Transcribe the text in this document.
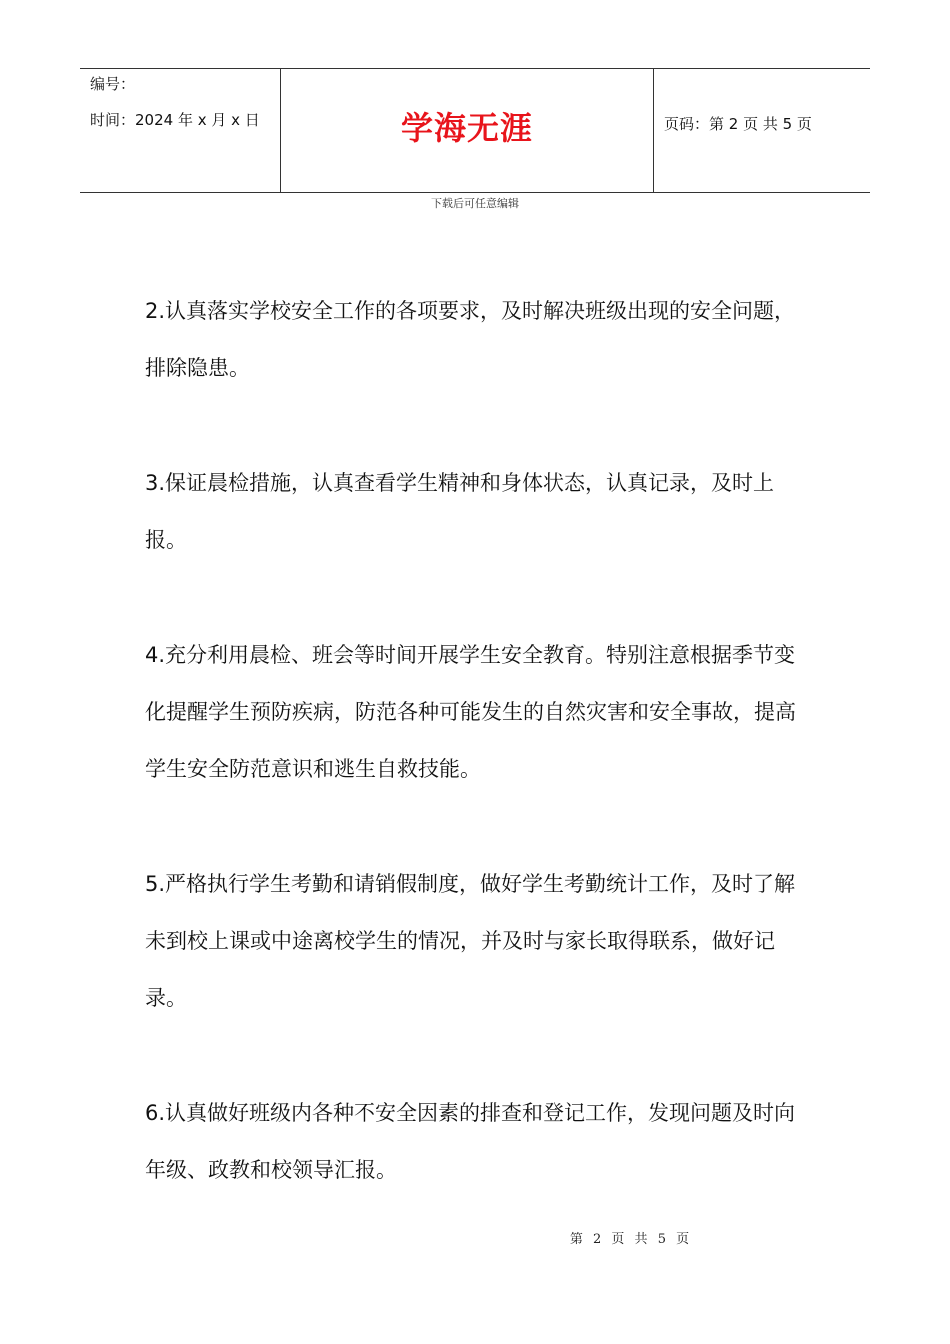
编号：
时间：2024 年 x 月 x 日	学海无涯	页码：第 2 页 共 5 页
下载后可任意编辑

2.认真落实学校安全工作的各项要求，及时解决班级出现的安全问题，排除隐患。

3.保证晨检措施，认真查看学生精神和身体状态，认真记录，及时上报。

4.充分利用晨检、班会等时间开展学生安全教育。特别注意根据季节变化提醒学生预防疾病，防范各种可能发生的自然灾害和安全事故，提高学生安全防范意识和逃生自救技能。

5.严格执行学生考勤和请销假制度，做好学生考勤统计工作，及时了解未到校上课或中途离校学生的情况，并及时与家长取得联系，做好记录。

6.认真做好班级内各种不安全因素的排查和登记工作，发现问题及时向年级、政教和校领导汇报。

第 2 页 共 5 页
